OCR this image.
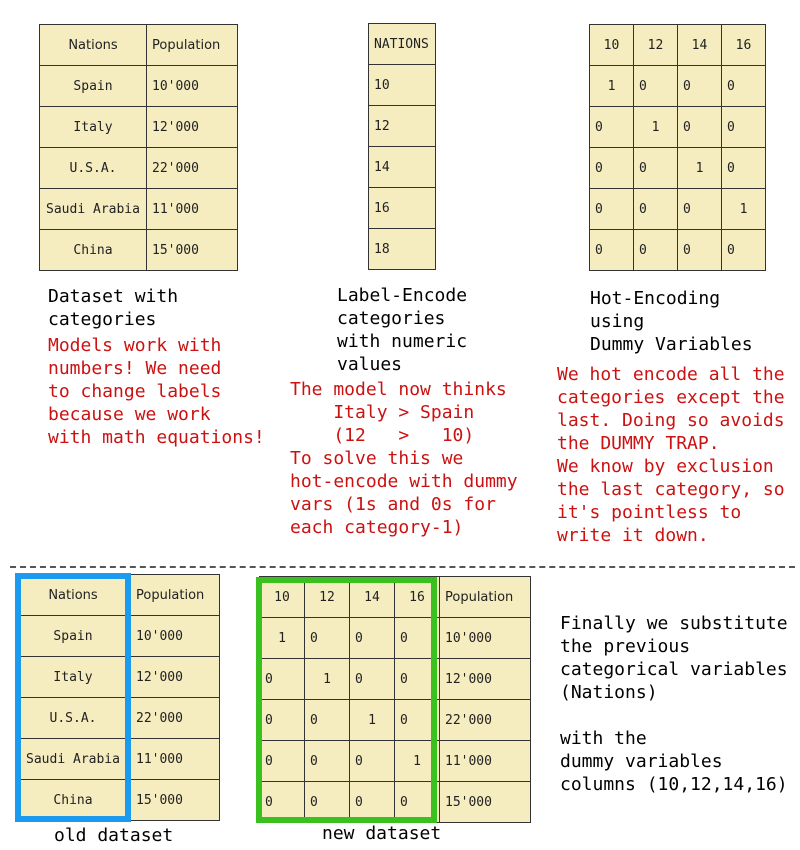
Nations	Population
Spain	10'000
Italy	12'000
U.S.A.	22'000
Saudi Arabia	11'000
China	15'000
NATIONS
10
12
14
16
18
10	12	14	16
1	0	0	0
0	1	0	0
0	0	1	0
0	0	0	1
0	0	0	0
Dataset with
categories
Models work with
numbers! We need
to change labels
because we work
with math equations!
Label-Encode
categories
with numeric
values
The model now thinks
Italy > Spain
(12   >   10)
To solve this we
hot-encode with dummy
vars (1s and 0s for
each category-1)
Hot-Encoding
using
Dummy Variables
We hot encode all the
categories except the
last. Doing so avoids
the DUMMY TRAP.
We know by exclusion
the last category, so
it's pointless to
write it down.
Nations	Population
Spain	10'000
Italy	12'000
U.S.A.	22'000
Saudi Arabia	11'000
China	15'000
10	12	14	16	Population
1	0	0	0	10'000
0	1	0	0	12'000
0	0	1	0	22'000
0	0	0	1	11'000
0	0	0	0	15'000
old dataset	new dataset
Finally we substitute
the previous
categorical variables
(Nations)

with the
dummy variables
columns (10,12,14,16)
